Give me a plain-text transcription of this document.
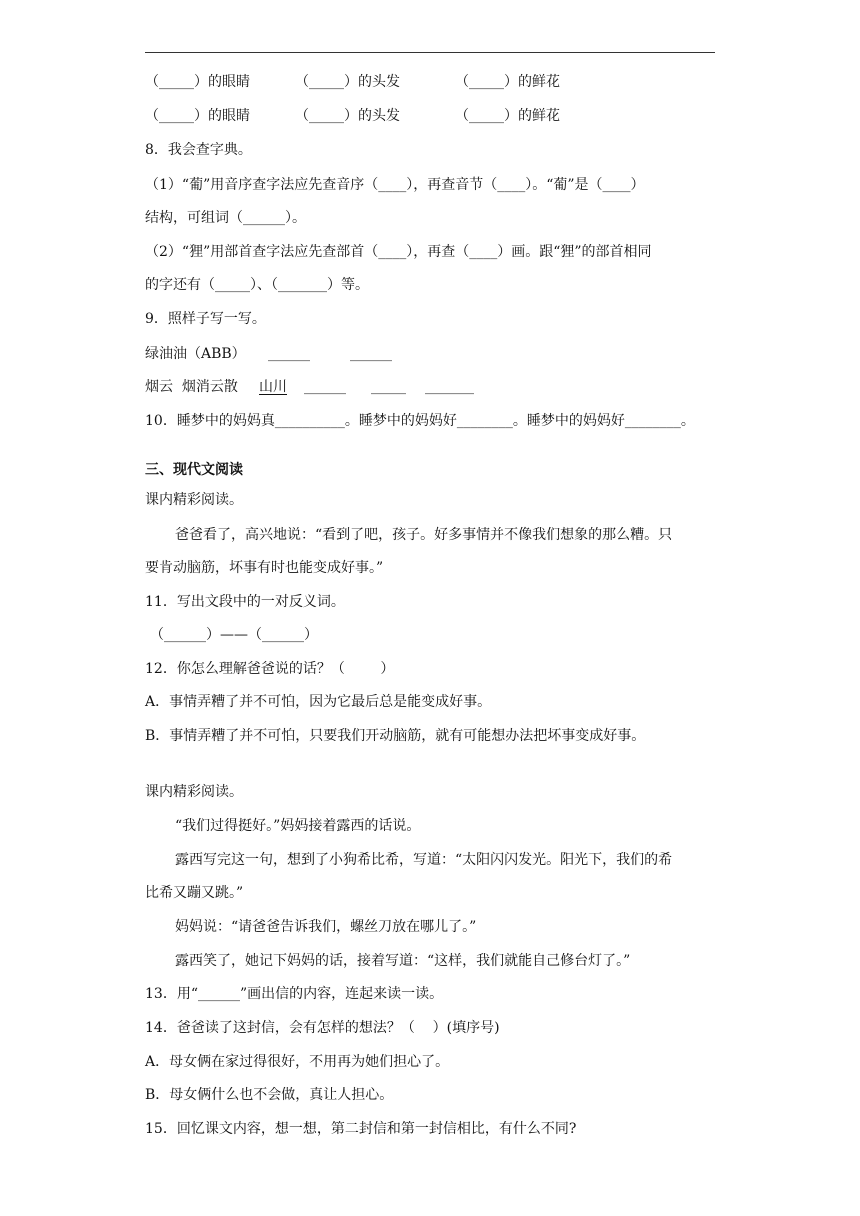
（_____）的眼睛	（_____）的头发	（_____）的鲜花
（_____）的眼睛	（_____）的头发	（_____）的鲜花
8．我会查字典。
（1）“葡”用音序查字法应先查音序（____），再查音节（____）。“葡”是（____）
结构，可组词（______）。
（2）“狸”用部首查字法应先查部首（____），再查（____）画。跟“狸”的部首相同
的字还有（_____）、（_______）等。
9．照样子写一写。
绿油油（ABB） ______	______
烟云  烟消云散 山川 ______ _____ _______
10．睡梦中的妈妈真__________。睡梦中的妈妈好________。睡梦中的妈妈好________。
三、现代文阅读
课内精彩阅读。
爸爸看了，高兴地说：“看到了吧，孩子。好多事情并不像我们想象的那么糟。只
要肯动脑筋，坏事有时也能变成好事。”
11．写出文段中的一对反义词。
（______）——（______）
12．你怎么理解爸爸说的话？（        ）
A．事情弄糟了并不可怕，因为它最后总是能变成好事。
B．事情弄糟了并不可怕，只要我们开动脑筋，就有可能想办法把坏事变成好事。
课内精彩阅读。
“我们过得挺好。”妈妈接着露西的话说。
露西写完这一句，想到了小狗希比希，写道：“太阳闪闪发光。阳光下，我们的希
比希又蹦又跳。”
妈妈说：“请爸爸告诉我们，螺丝刀放在哪儿了。”
露西笑了，她记下妈妈的话，接着写道：“这样，我们就能自己修台灯了。”
13．用“______”画出信的内容，连起来读一读。
14．爸爸读了这封信，会有怎样的想法？（    ）(填序号)
A．母女俩在家过得很好，不用再为她们担心了。
B．母女俩什么也不会做，真让人担心。
15．回忆课文内容，想一想，第二封信和第一封信相比，有什么不同?
